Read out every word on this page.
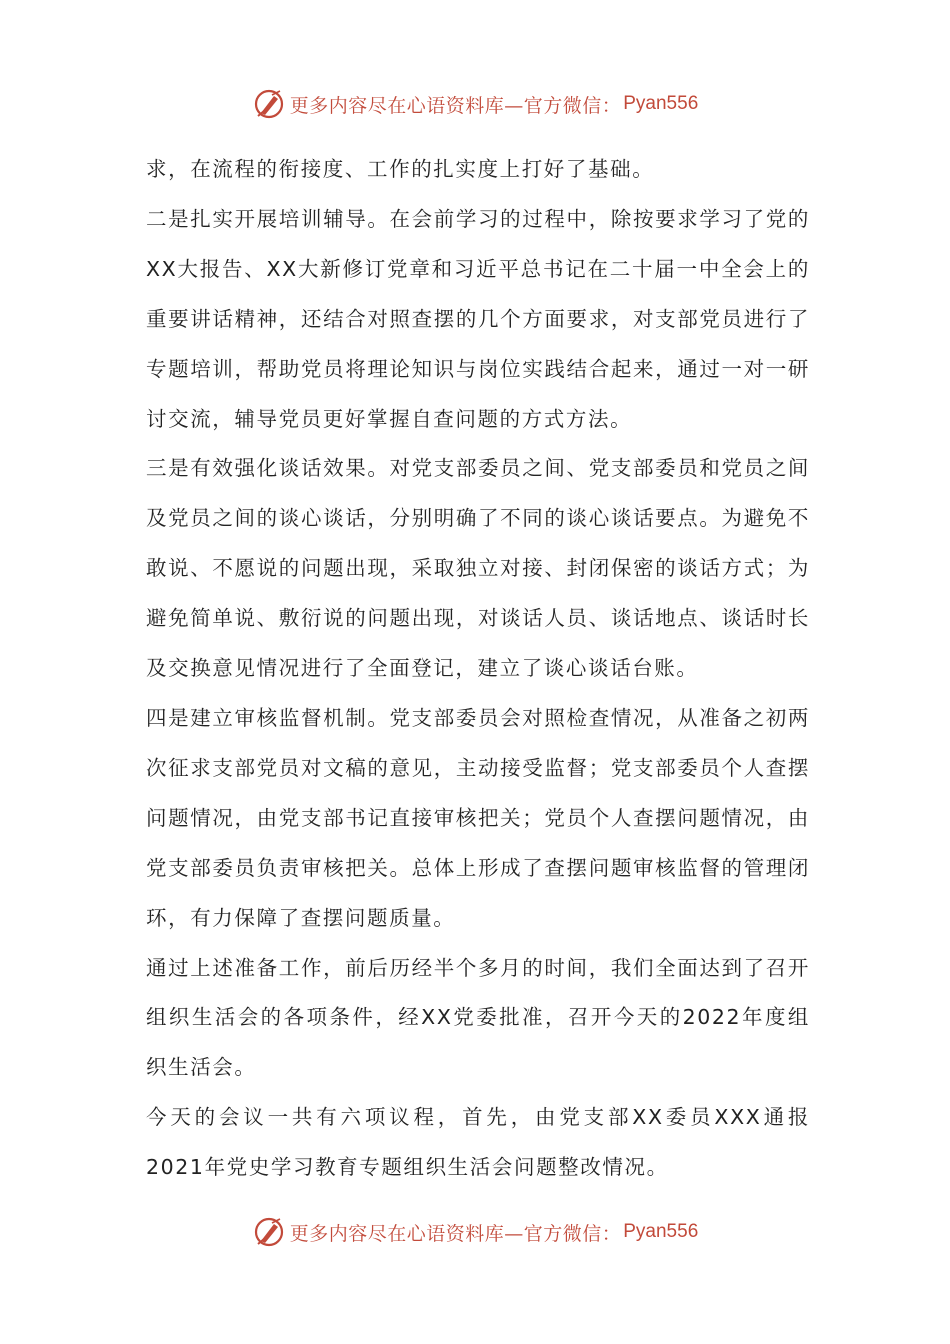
更多内容尽在心语资料库—官方微信： Pyan556

求，在流程的衔接度、工作的扎实度上打好了基础。

二是扎实开展培训辅导。在会前学习的过程中，除按要求学习了党的XX大报告、XX大新修订党章和习近平总书记在二十届一中全会上的重要讲话精神，还结合对照查摆的几个方面要求，对支部党员进行了专题培训，帮助党员将理论知识与岗位实践结合起来，通过一对一研讨交流，辅导党员更好掌握自查问题的方式方法。

三是有效强化谈话效果。对党支部委员之间、党支部委员和党员之间及党员之间的谈心谈话，分别明确了不同的谈心谈话要点。为避免不敢说、不愿说的问题出现，采取独立对接、封闭保密的谈话方式；为避免简单说、敷衍说的问题出现，对谈话人员、谈话地点、谈话时长及交换意见情况进行了全面登记，建立了谈心谈话台账。

四是建立审核监督机制。党支部委员会对照检查情况，从准备之初两次征求支部党员对文稿的意见，主动接受监督；党支部委员个人查摆问题情况，由党支部书记直接审核把关；党员个人查摆问题情况，由党支部委员负责审核把关。总体上形成了查摆问题审核监督的管理闭环，有力保障了查摆问题质量。

通过上述准备工作，前后历经半个多月的时间，我们全面达到了召开组织生活会的各项条件，经XX党委批准，召开今天的2022年度组织生活会。

今天的会议一共有六项议程，首先，由党支部XX委员XXX通报2021年党史学习教育专题组织生活会问题整改情况。

更多内容尽在心语资料库—官方微信： Pyan556
